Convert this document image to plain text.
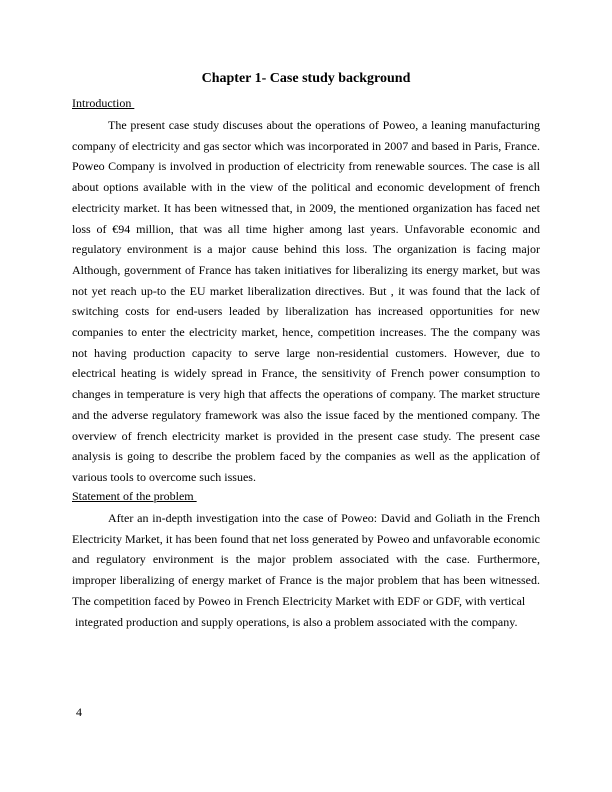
Chapter 1- Case study background
Introduction
The present case study discuses about the operations of Poweo, a leaning manufacturing
company of electricity and gas sector which was incorporated in 2007 and based in Paris, France.
Poweo Company is involved in production of electricity from renewable sources. The case is all
about options available with in the view of the political and economic development of french
electricity market. It has been witnessed that, in 2009, the mentioned organization has faced net
loss of €94 million, that was all time higher among last years. Unfavorable economic and
regulatory environment is a major cause behind this loss. The organization is facing major
Although, government of France has taken initiatives for liberalizing its energy market, but was
not yet reach up-to the EU market liberalization directives. But , it was found that the lack of
switching costs for end-users leaded by liberalization has increased opportunities for new
companies to enter the electricity market, hence, competition increases. The the company was
not having production capacity to serve large non-residential customers. However, due to
electrical heating is widely spread in France, the sensitivity of French power consumption to
changes in temperature is very high that affects the operations of company. The market structure
and the adverse regulatory framework was also the issue faced by the mentioned company. The
overview of french electricity market is provided in the present case study. The present case
analysis is going to describe the problem faced by the companies as well as the application of
various tools to overcome such issues.
Statement of the problem
After an in-depth investigation into the case of Poweo: David and Goliath in the French
Electricity Market, it has been found that net loss generated by Poweo and unfavorable economic
and regulatory environment is the major problem associated with the case. Furthermore,
improper liberalizing of energy market of France is the major problem that has been witnessed.
The competition faced by Poweo in French Electricity Market with EDF or GDF, with vertical
integrated production and supply operations, is also a problem associated with the company.
4
